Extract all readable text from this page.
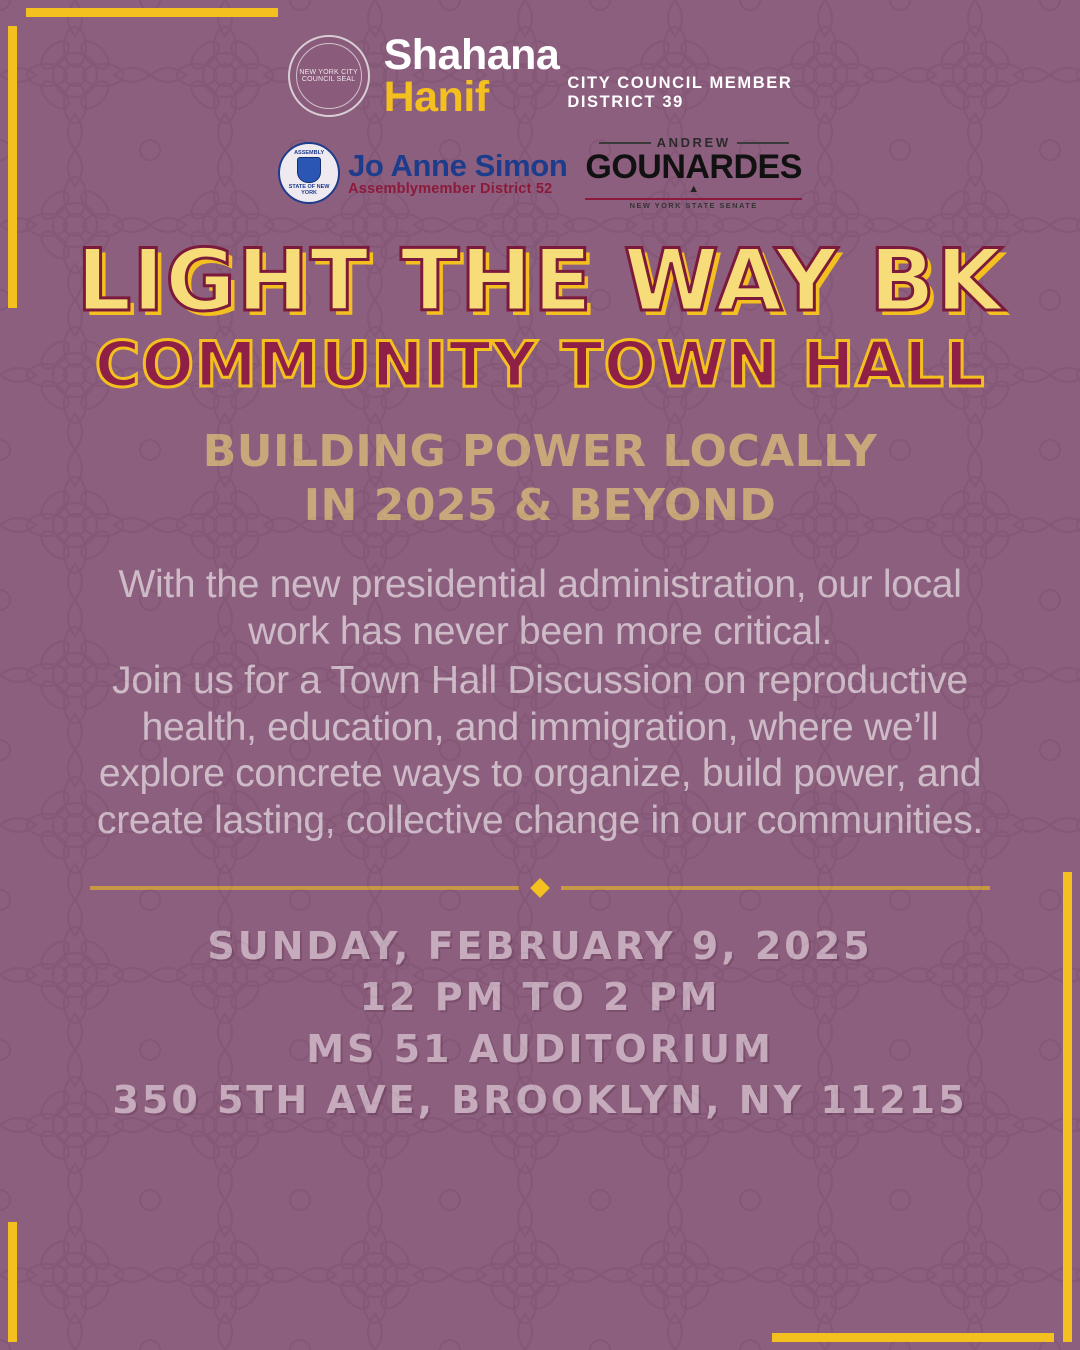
NEW YORK CITY COUNCIL SEAL
Shahana
Hanif	CITY COUNCIL MEMBER
DISTRICT 39
ASSEMBLY
STATE OF NEW YORK
Jo Anne Simon
Assemblymember District 52
ANDREW
GOUNARDES
▲
NEW YORK STATE SENATE
LIGHT THE WAY BK
COMMUNITY TOWN HALL
BUILDING POWER LOCALLY
IN 2025 & BEYOND

With the new presidential administration, our local work has never been more critical.

Join us for a Town Hall Discussion on reproductive health, education, and immigration, where we’ll explore concrete ways to organize, build power, and create lasting, collective change in our communities.

SUNDAY, FEBRUARY 9, 2025
12 PM TO 2 PM
MS 51 AUDITORIUM
350 5TH AVE, BROOKLYN, NY 11215
